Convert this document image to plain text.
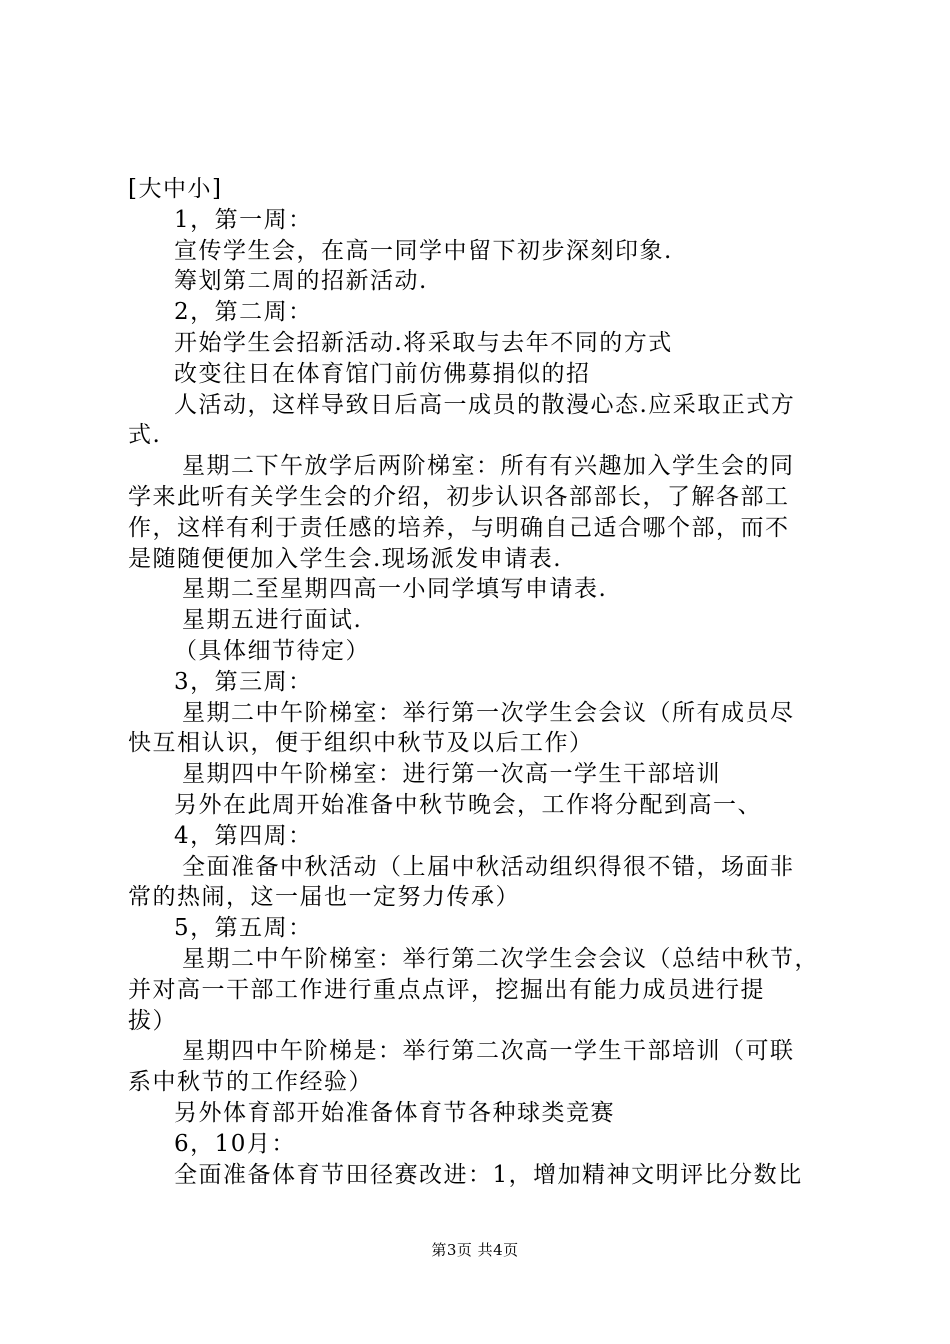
[大中小]
1，第一周：
宣传学生会，在高一同学中留下初步深刻印象.
筹划第二周的招新活动.
2，第二周：
开始学生会招新活动.将采取与去年不同的方式
改变往日在体育馆门前仿佛募捐似的招
人活动，这样导致日后高一成员的散漫心态.应采取正式方
式.
星期二下午放学后两阶梯室：所有有兴趣加入学生会的同
学来此听有关学生会的介绍，初步认识各部部长，了解各部工
作，这样有利于责任感的培养，与明确自己适合哪个部，而不
是随随便便加入学生会.现场派发申请表.
星期二至星期四高一小同学填写申请表.
星期五进行面试.
（具体细节待定）
3，第三周：
星期二中午阶梯室：举行第一次学生会会议（所有成员尽
快互相认识，便于组织中秋节及以后工作）
星期四中午阶梯室：进行第一次高一学生干部培训
另外在此周开始准备中秋节晚会，工作将分配到高一、
4，第四周：
全面准备中秋活动（上届中秋活动组织得很不错，场面非
常的热闹，这一届也一定努力传承）
5，第五周：
星期二中午阶梯室：举行第二次学生会会议（总结中秋节，
并对高一干部工作进行重点点评，挖掘出有能力成员进行提
拔）
星期四中午阶梯是：举行第二次高一学生干部培训（可联
系中秋节的工作经验）
另外体育部开始准备体育节各种球类竞赛
6，10月：
全面准备体育节田径赛改进：1，增加精神文明评比分数比
第3页 共4页
